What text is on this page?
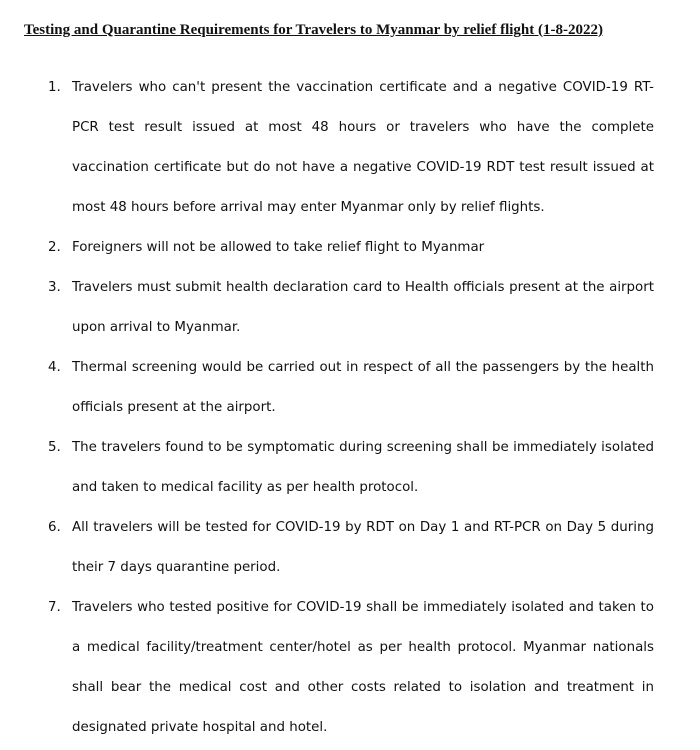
Testing and Quarantine Requirements for Travelers to Myanmar by relief flight (1-8-2022)
1. Travelers who can't present the vaccination certificate and a negative COVID-19 RT-PCR test result issued at most 48 hours or travelers who have the complete vaccination certificate but do not have a negative COVID-19 RDT test result issued at most 48 hours before arrival may enter Myanmar only by relief flights.
2. Foreigners will not be allowed to take relief flight to Myanmar
3. Travelers must submit health declaration card to Health officials present at the airport upon arrival to Myanmar.
4. Thermal screening would be carried out in respect of all the passengers by the health officials present at the airport.
5. The travelers found to be symptomatic during screening shall be immediately isolated and taken to medical facility as per health protocol.
6. All travelers will be tested for COVID-19 by RDT on Day 1 and RT-PCR on Day 5 during their 7 days quarantine period.
7. Travelers who tested positive for COVID-19 shall be immediately isolated and taken to a medical facility/treatment center/hotel as per health protocol. Myanmar nationals shall bear the medical cost and other costs related to isolation and treatment in designated private hospital and hotel.
